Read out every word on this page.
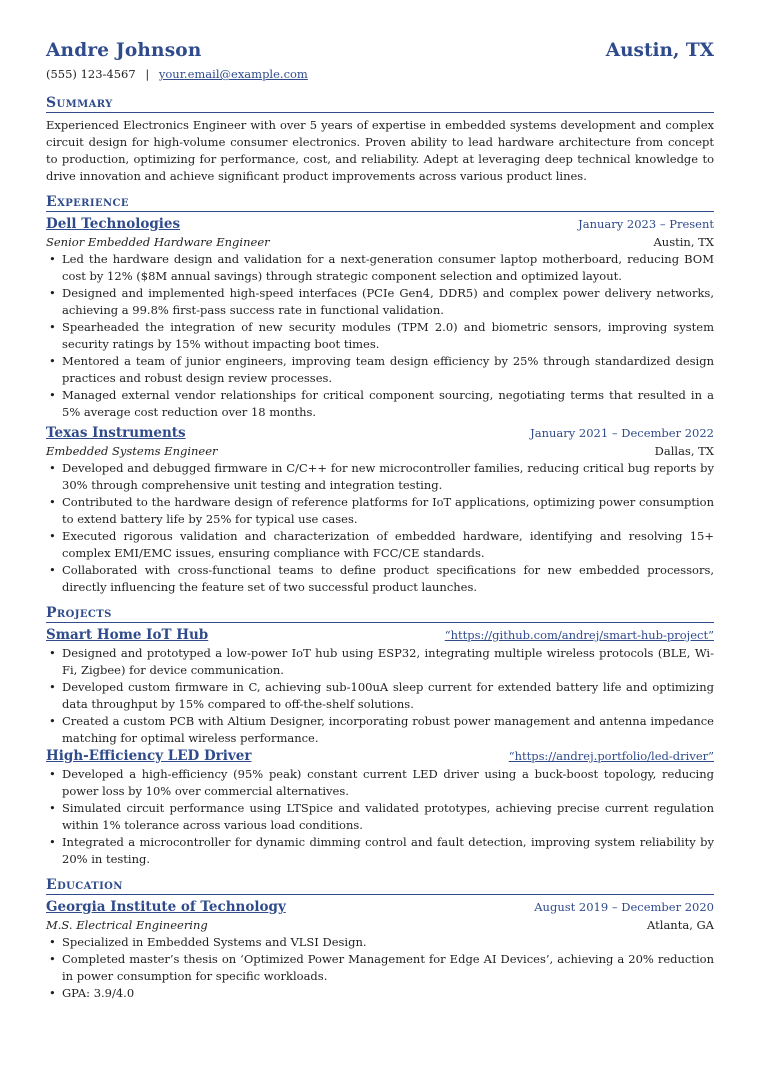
Andre Johnson	Austin, TX
(555) 123-4567 | your.email@example.com
Summary
Experienced Electronics Engineer with over 5 years of expertise in embedded systems development and complex circuit design for high-volume consumer electronics. Proven ability to lead hardware architecture from concept to production, optimizing for performance, cost, and reliability. Adept at leveraging deep technical knowledge to drive innovation and achieve significant product improvements across various product lines.
Experience
Dell Technologies	January 2023 – Present
Senior Embedded Hardware Engineer	Austin, TX
• Led the hardware design and validation for a next-generation consumer laptop motherboard, reducing BOM cost by 12% ($8M annual savings) through strategic component selection and optimized layout.
• Designed and implemented high-speed interfaces (PCIe Gen4, DDR5) and complex power delivery networks, achieving a 99.8% first-pass success rate in functional validation.
• Spearheaded the integration of new security modules (TPM 2.0) and biometric sensors, improving system security ratings by 15% without impacting boot times.
• Mentored a team of junior engineers, improving team design efficiency by 25% through standardized design practices and robust design review processes.
• Managed external vendor relationships for critical component sourcing, negotiating terms that resulted in a 5% average cost reduction over 18 months.
Texas Instruments	January 2021 – December 2022
Embedded Systems Engineer	Dallas, TX
• Developed and debugged firmware in C/C++ for new microcontroller families, reducing critical bug reports by 30% through comprehensive unit testing and integration testing.
• Contributed to the hardware design of reference platforms for IoT applications, optimizing power consumption to extend battery life by 25% for typical use cases.
• Executed rigorous validation and characterization of embedded hardware, identifying and resolving 15+ complex EMI/EMC issues, ensuring compliance with FCC/CE standards.
• Collaborated with cross-functional teams to define product specifications for new embedded processors, directly influencing the feature set of two successful product launches.
Projects
Smart Home IoT Hub	“https://github.com/andrej/smart-hub-project”
• Designed and prototyped a low-power IoT hub using ESP32, integrating multiple wireless protocols (BLE, Wi-Fi, Zigbee) for device communication.
• Developed custom firmware in C, achieving sub-100uA sleep current for extended battery life and optimizing data throughput by 15% compared to off-the-shelf solutions.
• Created a custom PCB with Altium Designer, incorporating robust power management and antenna impedance matching for optimal wireless performance.
High-Efficiency LED Driver	“https://andrej.portfolio/led-driver”
• Developed a high-efficiency (95% peak) constant current LED driver using a buck-boost topology, reducing power loss by 10% over commercial alternatives.
• Simulated circuit performance using LTSpice and validated prototypes, achieving precise current regulation within 1% tolerance across various load conditions.
• Integrated a microcontroller for dynamic dimming control and fault detection, improving system reliability by 20% in testing.
Education
Georgia Institute of Technology	August 2019 – December 2020
M.S. Electrical Engineering	Atlanta, GA
• Specialized in Embedded Systems and VLSI Design.
• Completed master’s thesis on ‘Optimized Power Management for Edge AI Devices’, achieving a 20% reduction in power consumption for specific workloads.
• GPA: 3.9/4.0
